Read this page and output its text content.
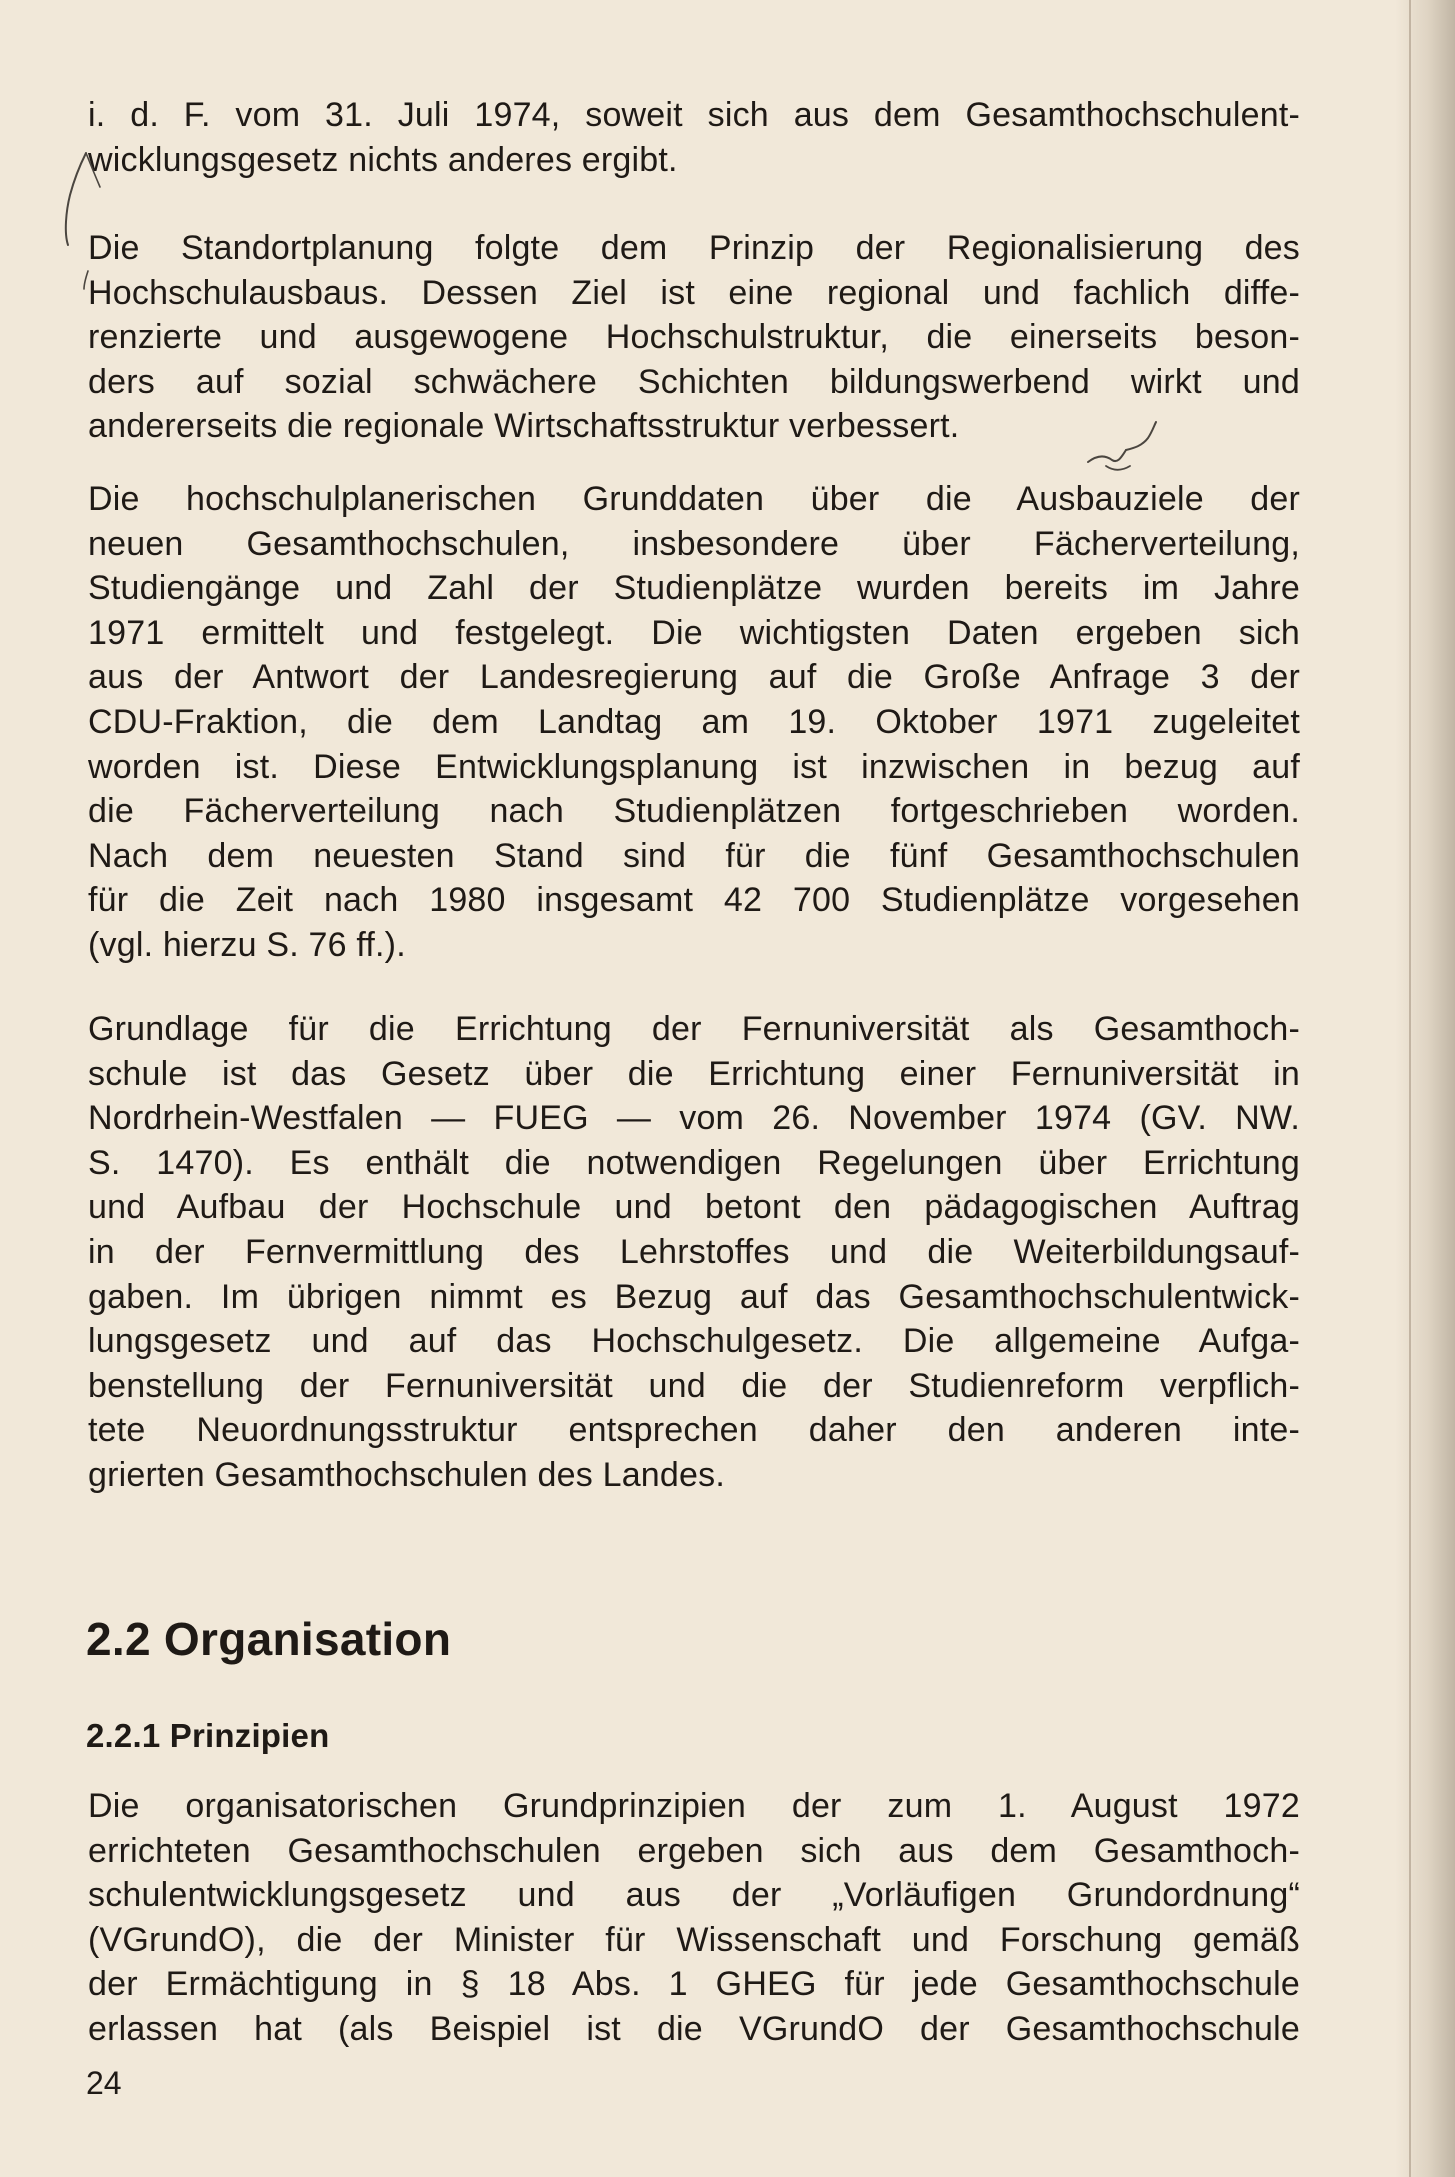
i. d. F. vom 31. Juli 1974, soweit sich aus dem Gesamthochschulent-
wicklungsgesetz nichts anderes ergibt.
Die Standortplanung folgte dem Prinzip der Regionalisierung des
Hochschulausbaus. Dessen Ziel ist eine regional und fachlich diffe-
renzierte und ausgewogene Hochschulstruktur, die einerseits beson-
ders auf sozial schwächere Schichten bildungswerbend wirkt und
andererseits die regionale Wirtschaftsstruktur verbessert.
Die hochschulplanerischen Grunddaten über die Ausbauziele der
neuen Gesamthochschulen, insbesondere über Fächerverteilung,
Studiengänge und Zahl der Studienplätze wurden bereits im Jahre
1971 ermittelt und festgelegt. Die wichtigsten Daten ergeben sich
aus der Antwort der Landesregierung auf die Große Anfrage 3 der
CDU-Fraktion, die dem Landtag am 19. Oktober 1971 zugeleitet
worden ist. Diese Entwicklungsplanung ist inzwischen in bezug auf
die Fächerverteilung nach Studienplätzen fortgeschrieben worden.
Nach dem neuesten Stand sind für die fünf Gesamthochschulen
für die Zeit nach 1980 insgesamt 42 700 Studienplätze vorgesehen
(vgl. hierzu S. 76 ff.).
Grundlage für die Errichtung der Fernuniversität als Gesamthoch-
schule ist das Gesetz über die Errichtung einer Fernuniversität in
Nordrhein-Westfalen — FUEG — vom 26. November 1974 (GV. NW.
S. 1470). Es enthält die notwendigen Regelungen über Errichtung
und Aufbau der Hochschule und betont den pädagogischen Auftrag
in der Fernvermittlung des Lehrstoffes und die Weiterbildungsauf-
gaben. Im übrigen nimmt es Bezug auf das Gesamthochschulentwick-
lungsgesetz und auf das Hochschulgesetz. Die allgemeine Aufga-
benstellung der Fernuniversität und die der Studienreform verpflich-
tete Neuordnungsstruktur entsprechen daher den anderen inte-
grierten Gesamthochschulen des Landes.
2.2 Organisation
2.2.1 Prinzipien
Die organisatorischen Grundprinzipien der zum 1. August 1972
errichteten Gesamthochschulen ergeben sich aus dem Gesamthoch-
schulentwicklungsgesetz und aus der „Vorläufigen Grundordnung“
(VGrundO), die der Minister für Wissenschaft und Forschung gemäß
der Ermächtigung in § 18 Abs. 1 GHEG für jede Gesamthochschule
erlassen hat (als Beispiel ist die VGrundO der Gesamthochschule
24
